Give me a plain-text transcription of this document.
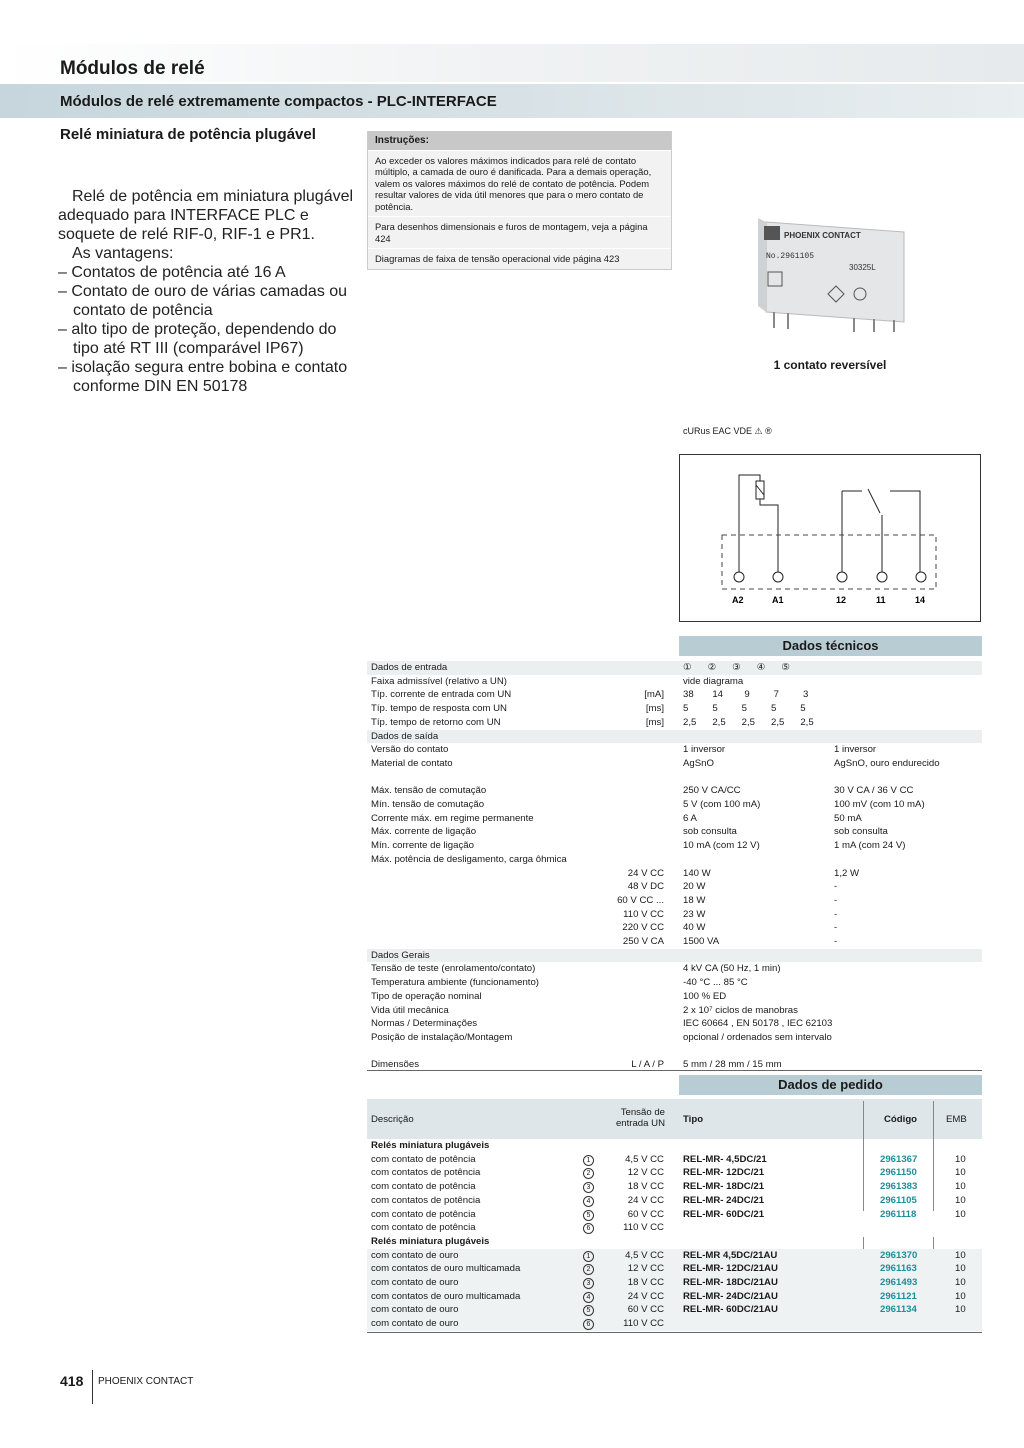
Módulos de relé
Módulos de relé extremamente compactos - PLC-INTERFACE
Relé miniatura de potência plugável

Relé de potência em miniatura plugável adequado para INTERFACE PLC e soquete de relé RIF-0, RIF-1 e PR1.

As vantagens:

– Contatos de potência até 16 A
– Contato de ouro de várias camadas ou contato de potência
– alto tipo de proteção, dependendo do tipo até RT III (comparável IP67)
– isolação segura entre bobina e contato conforme DIN EN 50178
Instruções:
Ao exceder os valores máximos indicados para relé de contato múltiplo, a camada de ouro é danificada. Para a demais operação, valem os valores máximos do relé de contato de potência. Podem resultar valores de vida útil menores que para o mero contato de potência.
Para desenhos dimensionais e furos de montagem, veja a página 424
Diagramas de faixa de tensão operacional vide página 423
PHOENIX CONTACT
No.2961105
30325L
1 contato reversível
cURus EAC VDE ⚠ ®
A2	A1	12	11	14
Dados técnicos
Dados de entrada	①      ②      ③      ④      ⑤
Faixa admissível (relativo a UN)	vide diagrama
Típ. corrente de entrada com UN	[mA] 38       14        9         7         3
Típ. tempo de resposta com UN	[ms] 5         5         5         5         5
Típ. tempo de retorno com UN	[ms] 2,5      2,5      2,5      2,5      2,5
Dados de saída
Versão do contato	1 inversor	1 inversor
Material de contato	AgSnO	AgSnO, ouro endurecido
Máx. tensão de comutação	250 V CA/CC	30 V CA / 36 V CC
Mín. tensão de comutação	5 V (com 100 mA)	100 mV (com 10 mA)
Corrente máx. em regime permanente	6 A	50 mA
Máx. corrente de ligação	sob consulta	sob consulta
Mín. corrente de ligação	10 mA (com 12 V)	1 mA (com 24 V)
Máx. potência de desligamento, carga ôhmica
24 V CC 140 W	1,2 W
48 V DC 20 W	-
60 V CC ... 18 W	-
110 V CC 23 W	-
220 V CC 40 W	-
250 V CA 1500 VA	-
Dados Gerais
Tensão de teste (enrolamento/contato)	4 kV CA (50 Hz, 1 min)
Temperatura ambiente (funcionamento)	-40 °C ... 85 °C
Tipo de operação nominal	100 % ED
Vida útil mecânica	2 x 10⁷ ciclos de manobras
Normas / Determinações	IEC 60664 , EN 50178 , IEC 62103
Posição de instalação/Montagem	opcional / ordenados sem intervalo
Dimensões	L / A / P 5 mm / 28 mm / 15 mm
Dados de pedido
Descrição
Tensão de entrada UN Tipo	Código	EMB
Relés miniatura plugáveis
com contato de potência	1	4,5 V CC REL-MR- 4,5DC/21	2961367	10
com contatos de potência	2	12 V CC REL-MR- 12DC/21	2961150	10
com contato de potência	3	18 V CC REL-MR- 18DC/21	2961383	10
com contatos de potência	4	24 V CC REL-MR- 24DC/21	2961105	10
com contato de potência	5	60 V CC REL-MR- 60DC/21	2961118	10
com contato de potência	6	110 V CC
Relés miniatura plugáveis
com contato de ouro	1	4,5 V CC REL-MR 4,5DC/21AU	2961370	10
com contatos de ouro multicamada	2	12 V CC REL-MR- 12DC/21AU	2961163	10
com contato de ouro	3	18 V CC REL-MR- 18DC/21AU	2961493	10
com contatos de ouro multicamada	4	24 V CC REL-MR- 24DC/21AU	2961121	10
com contato de ouro	5	60 V CC REL-MR- 60DC/21AU	2961134	10
com contato de ouro	6	110 V CC
418 PHOENIX CONTACT
